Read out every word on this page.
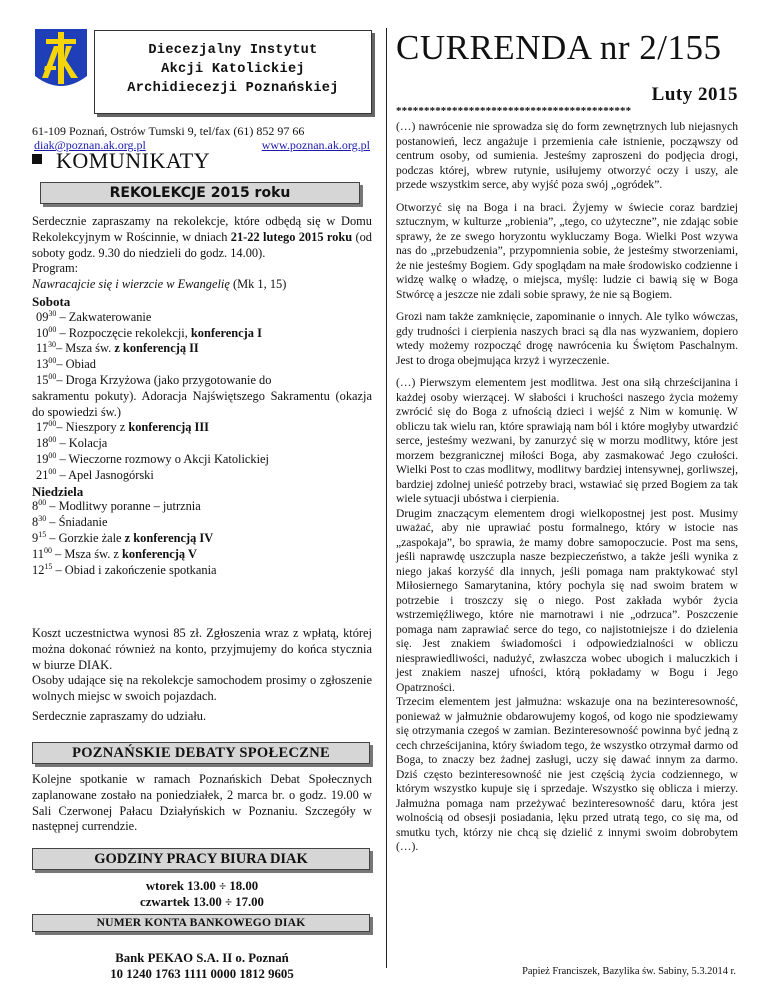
Diecezjalny Instytut
Akcji Katolickiej
Archidiecezji Poznańskiej
61-109 Poznań, Ostrów Tumski 9, tel/fax (61) 852 97 66
diak@poznan.ak.org.pl	www.poznan.ak.org.pl
KOMUNIKATY
REKOLEKCJE 2015 roku

Serdecznie zapraszamy na rekolekcje, które odbędą się w Domu Rekolekcyjnym w Rościnnie, w dniach 21-22 lutego 2015 roku (od soboty godz. 9.30 do niedzieli do godz. 14.00).

Program:

Nawracajcie się i wierzcie w Ewangelię (Mk 1, 15)

Sobota
$09^{30}$ – Zakwaterowanie
$10^{00}$ – Rozpoczęcie rekolekcji, konferencja I
$11^{30}-$ Msza św. z konferencją II
$13^{00}-$ Obiad
$15^{00}-$ Droga Krzyżowa (jako przygotowanie do
sakramentu pokuty). Adoracja Najświętszego Sakramentu (okazja do spowiedzi św.)
$17^{00}-$ Nieszpory z konferencją III
$18^{00}$ – Kolacja
$19^{00}$ – Wieczorne rozmowy o Akcji Katolickiej
$21^{00}$ – Apel Jasnogórski
Niedziela
$8^{00}$ – Modlitwy poranne – jutrznia
$8^{30}$ – Śniadanie
$9^{15}$ – Gorzkie żale z konferencją IV
$11^{00}$ – Msza św. z konferencją V
$12^{15}$ – Obiad i zakończenie spotkania

Koszt uczestnictwa wynosi 85 zł. Zgłoszenia wraz z wpłatą, której można dokonać również na konto, przyjmujemy do końca stycznia w biurze DIAK.

Osoby udające się na rekolekcje samochodem prosimy o zgłoszenie wolnych miejsc w swoich pojazdach.

Serdecznie zapraszamy do udziału.

POZNAŃSKIE DEBATY SPOŁECZNE
Kolejne spotkanie w ramach Poznańskich Debat Społecznych zaplanowane zostało na poniedziałek, 2 marca br. o godz. 19.00 w Sali Czerwonej Pałacu Działyńskich w Poznaniu. Szczegóły w następnej currendzie.
GODZINY PRACY BIURA DIAK
wtorek 13.00 ÷ 18.00
czwartek 13.00 ÷ 17.00
NUMER KONTA BANKOWEGO DIAK
Bank PEKAO S.A. II o. Poznań
10 1240 1763 1111 0000 1812 9605
CURRENDA nr 2/155
Luty 2015
******************************************

(…) nawrócenie nie sprowadza się do form zewnętrznych lub niejasnych postanowień, lecz angażuje i przemienia całe istnienie, począwszy od centrum osoby, od sumienia. Jesteśmy zaproszeni do podjęcia drogi, podczas której, wbrew rutynie, usiłujemy otworzyć oczy i uszy, ale przede wszystkim serce, aby wyjść poza swój „ogródek”.

Otworzyć się na Boga i na braci. Żyjemy w świecie coraz bardziej sztucznym, w kulturze „robienia”, „tego, co użyteczne”, nie zdając sobie sprawy, że ze swego horyzontu wykluczamy Boga. Wielki Post wzywa nas do „przebudzenia”, przypomnienia sobie, że jesteśmy stworzeniami, że nie jesteśmy Bogiem. Gdy spoglądam na małe środowisko codzienne i widzę walkę o władzę, o miejsca, myślę: ludzie ci bawią się w Boga Stwórcę a jeszcze nie zdali sobie sprawy, że nie są Bogiem.

Grozi nam także zamknięcie, zapominanie o innych. Ale tylko wówczas, gdy trudności i cierpienia naszych braci są dla nas wyzwaniem, dopiero wtedy możemy rozpocząć drogę nawrócenia ku Świętom Paschalnym. Jest to droga obejmująca krzyż i wyrzeczenie.

(…) Pierwszym elementem jest modlitwa. Jest ona siłą chrześcijanina i każdej osoby wierzącej. W słabości i kruchości naszego życia możemy zwrócić się do Boga z ufnością dzieci i wejść z Nim w komunię. W obliczu tak wielu ran, które sprawiają nam ból i które mogłyby utwardzić serce, jesteśmy wezwani, by zanurzyć się w morzu modlitwy, które jest morzem bezgranicznej miłości Boga, aby zasmakować Jego czułości. Wielki Post to czas modlitwy, modlitwy bardziej intensywnej, gorliwszej, bardziej zdolnej unieść potrzeby braci, wstawiać się przed Bogiem za tak wiele sytuacji ubóstwa i cierpienia.

Drugim znaczącym elementem drogi wielkopostnej jest post. Musimy uważać, aby nie uprawiać postu formalnego, który w istocie nas „zaspokaja”, bo sprawia, że mamy dobre samopoczucie. Post ma sens, jeśli naprawdę uszczupla nasze bezpieczeństwo, a także jeśli wynika z niego jakaś korzyść dla innych, jeśli pomaga nam praktykować styl Miłosiernego Samarytanina, który pochyla się nad swoim bratem w potrzebie i troszczy się o niego. Post zakłada wybór życia wstrzemięźliwego, które nie marnotrawi i nie „odrzuca”. Poszczenie pomaga nam zaprawiać serce do tego, co najistotniejsze i do dzielenia się. Jest znakiem świadomości i odpowiedzialności w obliczu niesprawiedliwości, nadużyć, zwłaszcza wobec ubogich i maluczkich i jest znakiem naszej ufności, którą pokładamy w Bogu i Jego Opatrzności.

Trzecim elementem jest jałmużna: wskazuje ona na bezinteresowność, ponieważ w jałmużnie obdarowujemy kogoś, od kogo nie spodziewamy się otrzymania czegoś w zamian. Bezinteresowność powinna być jedną z cech chrześcijanina, który świadom tego, że wszystko otrzymał darmo od Boga, to znaczy bez żadnej zasługi, uczy się dawać innym za darmo. Dziś często bezinteresowność nie jest częścią życia codziennego, w którym wszystko kupuje się i sprzedaje. Wszystko się oblicza i mierzy. Jałmużna pomaga nam przeżywać bezinteresowność daru, która jest wolnością od obsesji posiadania, lęku przed utratą tego, co się ma, od smutku tych, którzy nie chcą się dzielić z innymi swoim dobrobytem (…).

Papież Franciszek, Bazylika św. Sabiny, 5.3.2014 r.
